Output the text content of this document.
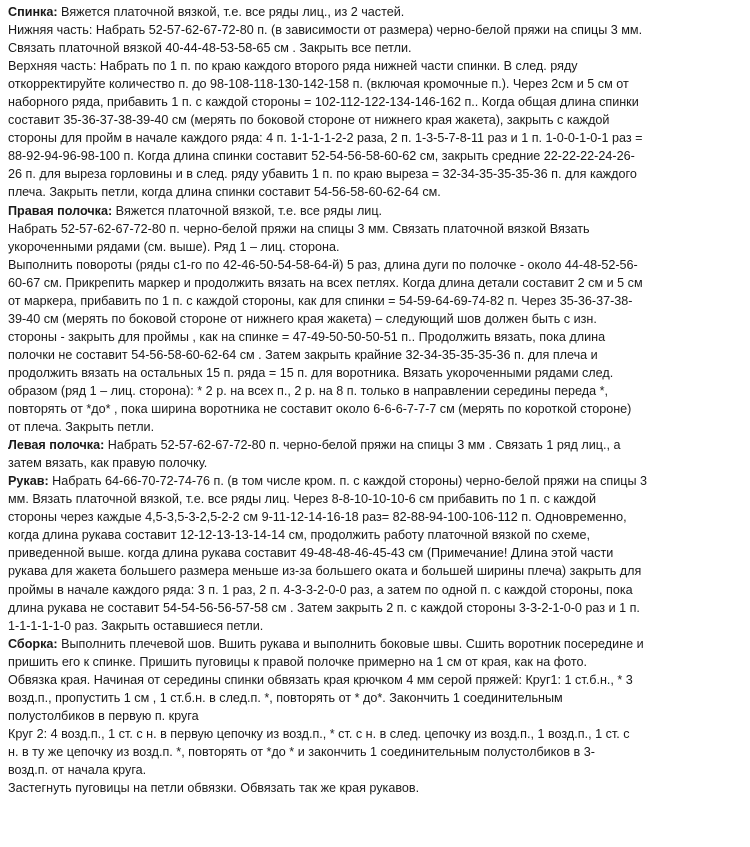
Спинка: Вяжется платочной вязкой, т.е. все ряды лиц., из 2 частей.
Нижняя часть: Набрать 52-57-62-67-72-80 п. (в зависимости от размера) черно-белой пряжи на спицы 3 мм.
Связать платочной вязкой 40-44-48-53-58-65 см . Закрыть все петли.
Верхняя часть: Набрать по 1 п. по краю каждого второго ряда нижней части спинки. В след. ряду
откорректируйте количество п. до 98-108-118-130-142-158 п. (включая кромочные п.). Через 2см и 5 см от
наборного ряда, прибавить 1 п. с каждой стороны = 102-112-122-134-146-162 п.. Когда общая длина спинки
составит 35-36-37-38-39-40 см (мерять по боковой стороне от нижнего края жакета), закрыть с каждой
стороны для пройм в начале каждого ряда: 4 п. 1-1-1-1-2-2 раза, 2 п. 1-3-5-7-8-11 раз и 1 п. 1-0-0-1-0-1 раз =
88-92-94-96-98-100 п. Когда длина спинки составит 52-54-56-58-60-62 см, закрыть средние 22-22-22-24-26-
26 п. для выреза горловины и в след. ряду убавить 1 п. по краю выреза = 32-34-35-35-35-36 п. для каждого
плеча. Закрыть петли, когда длина спинки составит 54-56-58-60-62-64 см.
Правая полочка: Вяжется платочной вязкой, т.е. все ряды лиц.
Набрать 52-57-62-67-72-80 п. черно-белой пряжи на спицы 3 мм. Связать платочной вязкой Вязать
укороченными рядами (см. выше). Ряд 1 – лиц. сторона.
Выполнить повороты (ряды с1-го по 42-46-50-54-58-64-й) 5 раз, длина дуги по полочке - около 44-48-52-56-
60-67 см. Прикрепить маркер и продолжить вязать на всех петлях. Когда длина детали составит 2 см и 5 см
от маркера, прибавить по 1 п. с каждой стороны, как для спинки = 54-59-64-69-74-82 п. Через 35-36-37-38-
39-40 см (мерять по боковой стороне от нижнего края жакета) – следующий шов должен быть с изн.
стороны - закрыть для проймы , как на спинке = 47-49-50-50-50-51 п.. Продолжить вязать, пока длина
полочки не составит 54-56-58-60-62-64 см . Затем закрыть крайние 32-34-35-35-35-36 п. для плеча и
продолжить вязать на остальных 15 п. ряда = 15 п. для воротника. Вязать укороченными рядами след.
образом (ряд 1 – лиц. сторона): * 2 р. на всех п., 2 р. на 8 п. только в направлении середины переда *,
повторять от *до* , пока ширина воротника не составит около 6-6-6-7-7-7 см (мерять по короткой стороне)
от плеча. Закрыть петли.
Левая полочка: Набрать 52-57-62-67-72-80 п. черно-белой пряжи на спицы 3 мм . Связать 1 ряд лиц., а
затем вязать, как правую полочку.
Рукав: Набрать 64-66-70-72-74-76 п. (в том числе кром. п. с каждой стороны) черно-белой пряжи на спицы 3
мм. Вязать платочной вязкой, т.е. все ряды лиц. Через 8-8-10-10-10-6 см прибавить по 1 п. с каждой
стороны через каждые 4,5-3,5-3-2,5-2-2 см 9-11-12-14-16-18 раз= 82-88-94-100-106-112 п. Одновременно,
когда длина рукава составит 12-12-13-13-14-14 см, продолжить работу платочной вязкой по схеме,
приведенной выше. когда длина рукава составит 49-48-48-46-45-43 см (Примечание! Длина этой части
рукава для жакета большего размера меньше из-за большего оката и большей ширины плеча) закрыть для
проймы в начале каждого ряда: 3 п. 1 раз, 2 п. 4-3-3-2-0-0 раз, а затем по одной п. с каждой стороны, пока
длина рукава не составит 54-54-56-56-57-58 см . Затем закрыть 2 п. с каждой стороны 3-3-2-1-0-0 раз и 1 п.
1-1-1-1-1-0 раз. Закрыть оставшиеся петли.
Сборка: Выполнить плечевой шов. Вшить рукава и выполнить боковые швы. Сшить воротник посередине и
пришить его к спинке. Пришить пуговицы к правой полочке примерно на 1 см от края, как на фото.
Обвязка края. Начиная от середины спинки обвязать края крючком 4 мм серой пряжей: Круг1: 1 ст.б.н., * 3
возд.п., пропустить 1 см , 1 ст.б.н. в след.п. *, повторять от * до*. Закончить 1 соединительным
полустолбиков в первую п. круга
Круг 2: 4 возд.п., 1 ст. с н. в первую цепочку из возд.п., * ст. с н. в след. цепочку из возд.п., 1 возд.п., 1 ст. с
н. в ту же цепочку из возд.п. *, повторять от *до * и закончить 1 соединительным полустолбиков в 3-
возд.п. от начала круга.
Застегнуть пуговицы на петли обвязки. Обвязать так же края рукавов.
